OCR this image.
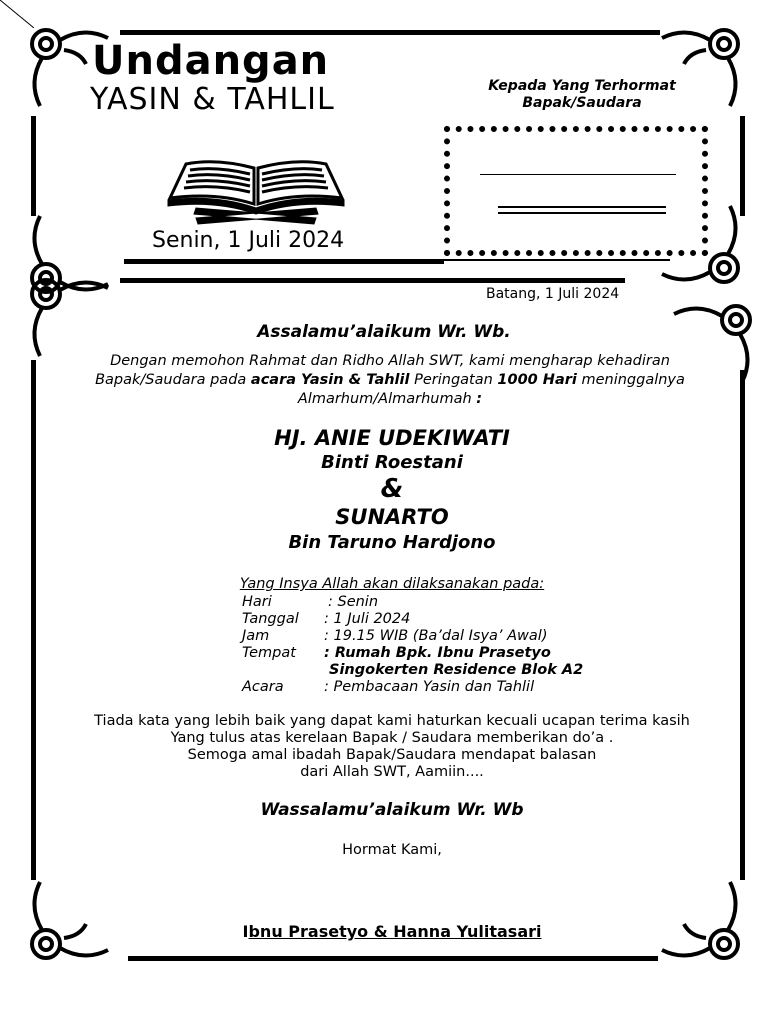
Undangan
YASIN & TAHLIL
Senin, 1 Juli 2024
Kepada Yang Terhormat
Bapak/Saudara
Batang, 1 Juli 2024
Assalamu’alaikum Wr. Wb.
Dengan memohon Rahmat dan Ridho Allah SWT, kami mengharap kehadiran
Bapak/Saudara pada acara Yasin & Tahlil Peringatan 1000 Hari meninggalnya
Almarhum/Almarhumah :
HJ. ANIE UDEKIWATI
Binti Roestani
&
SUNARTO
Bin Taruno Hardjono
Yang Insya Allah akan dilaksanakan pada:
Hari	: Senin
Tanggal : 1 Juli 2024
Jam	: 19.15 WIB (Ba’dal Isya’ Awal)
Tempat : Rumah Bpk. Ibnu Prasetyo
Singokerten Residence Blok A2
Acara	: Pembacaan Yasin dan Tahlil
Tiada kata yang lebih baik yang dapat kami haturkan kecuali ucapan terima kasih
Yang tulus atas kerelaan Bapak / Saudara memberikan do’a .
Semoga amal ibadah Bapak/Saudara mendapat balasan
dari Allah SWT, Aamiin....
Wassalamu’alaikum Wr. Wb
Hormat Kami,
Ibnu Prasetyo & Hanna Yulitasari
